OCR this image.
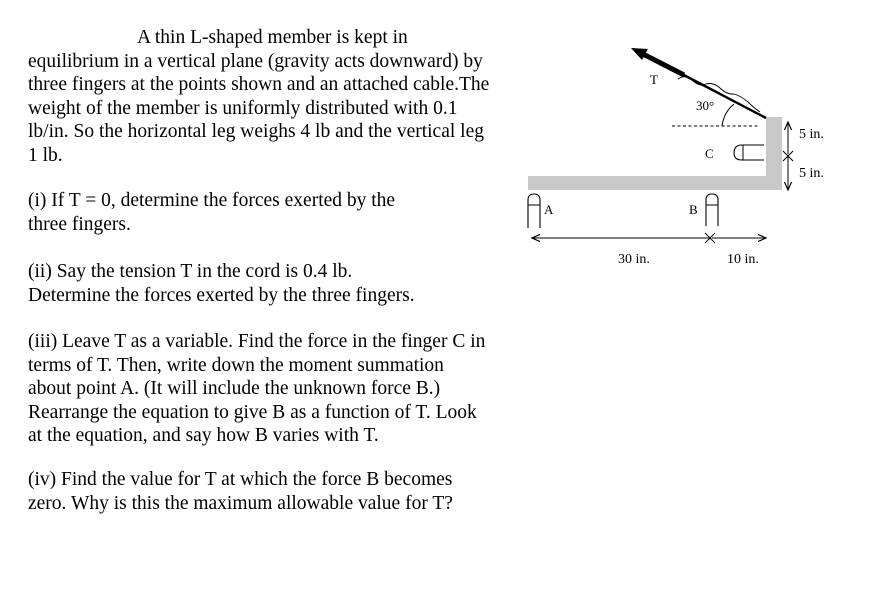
A thin L-shaped member is kept in
equilibrium in a vertical plane (gravity acts downward) by
three fingers at the points shown and an attached cable.The
weight of the member is uniformly distributed with 0.1
lb/in. So the horizontal leg weighs 4 lb and the vertical leg
1 lb.
(i) If T = 0, determine the forces exerted by the
three fingers.
(ii) Say the tension T in the cord is 0.4 lb.
Determine the forces exerted by the three fingers.
(iii) Leave T as a variable. Find the force in the finger C in
terms of T. Then, write down the moment summation
about point A. (It will include the unknown force B.)
Rearrange the equation to give B as a function of T. Look
at the equation, and say how B varies with T.
(iv) Find the value for T at which the force B becomes
zero. Why is this the maximum allowable value for T?
T
30°
C
A	B
30 in.	10 in.
5 in.
5 in.
